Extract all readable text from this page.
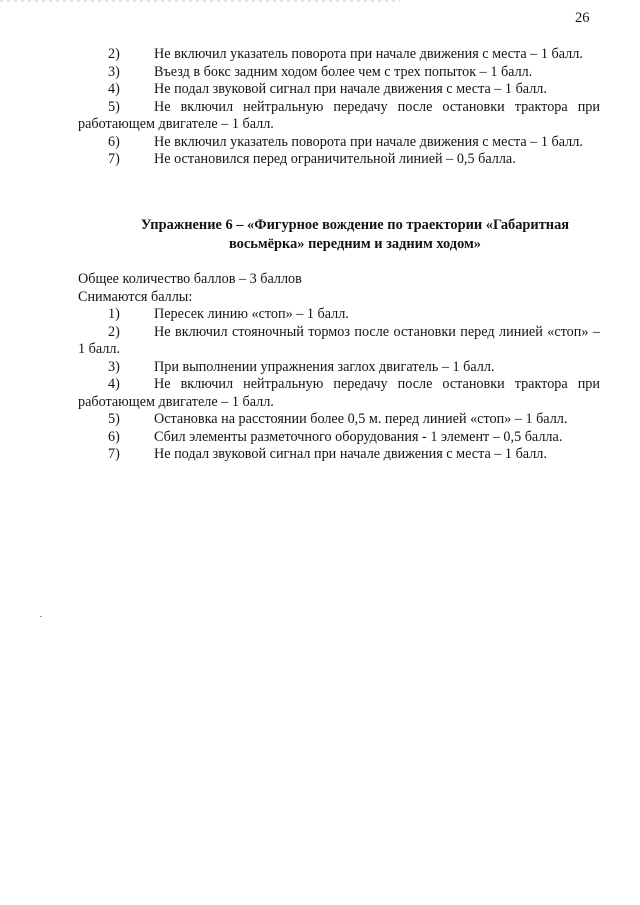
26
2) Не включил указатель поворота при начале движения с места – 1 балл.
3) Въезд в бокс задним ходом более чем с трех попыток – 1 балл.
4) Не подал звуковой сигнал при начале движения с места – 1 балл.
5) Не включил нейтральную передачу после остановки трактора при работающем двигателе – 1 балл.
6) Не включил указатель поворота при начале движения с места – 1 балл.
7) Не остановился перед ограничительной линией – 0,5 балла.
Упражнение 6 – «Фигурное вождение по траектории «Габаритная
восьмёрка» передним и задним ходом»
Общее количество баллов – 3 баллов
Снимаются баллы:
1) Пересек линию «стоп» – 1 балл.
2) Не включил стояночный тормоз после остановки перед линией «стоп» – 1 балл.
3) При выполнении упражнения заглох двигатель – 1 балл.
4) Не включил нейтральную передачу после остановки трактора при работающем двигателе – 1 балл.
5) Остановка на расстоянии более 0,5 м. перед линией «стоп» – 1 балл.
6) Сбил элементы разметочного оборудования - 1 элемент – 0,5 балла.
7) Не подал звуковой сигнал при начале движения с места – 1 балл.
